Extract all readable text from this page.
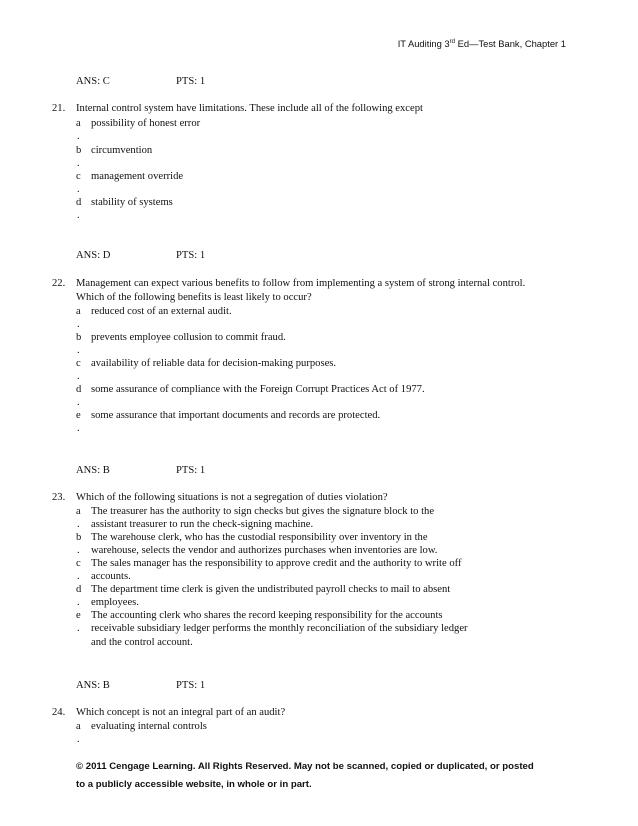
IT Auditing 3rd Ed—Test Bank, Chapter 1
ANS: C	PTS: 1
21. Internal control system have limitations. These include all of the following except
a possibility of honest error
.
b circumvention
.
c management override
.
d stability of systems
.
ANS: D	PTS: 1
22. Management can expect various benefits to follow from implementing a system of strong internal control.
Which of the following benefits is least likely to occur?
a reduced cost of an external audit.
.
b prevents employee collusion to commit fraud.
.
c availability of reliable data for decision-making purposes.
.
d some assurance of compliance with the Foreign Corrupt Practices Act of 1977.
.
e some assurance that important documents and records are protected.
.
ANS: B	PTS: 1
23. Which of the following situations is not a segregation of duties violation?
a The treasurer has the authority to sign checks but gives the signature block to the
. assistant treasurer to run the check-signing machine.
b The warehouse clerk, who has the custodial responsibility over inventory in the
. warehouse, selects the vendor and authorizes purchases when inventories are low.
c The sales manager has the responsibility to approve credit and the authority to write off
. accounts.
d The department time clerk is given the undistributed payroll checks to mail to absent
. employees.
e The accounting clerk who shares the record keeping responsibility for the accounts
. receivable subsidiary ledger performs the monthly reconciliation of the subsidiary ledger
and the control account.
ANS: B	PTS: 1
24. Which concept is not an integral part of an audit?
a evaluating internal controls
.
© 2011 Cengage Learning. All Rights Reserved. May not be scanned, copied or duplicated, or posted
to a publicly accessible website, in whole or in part.
